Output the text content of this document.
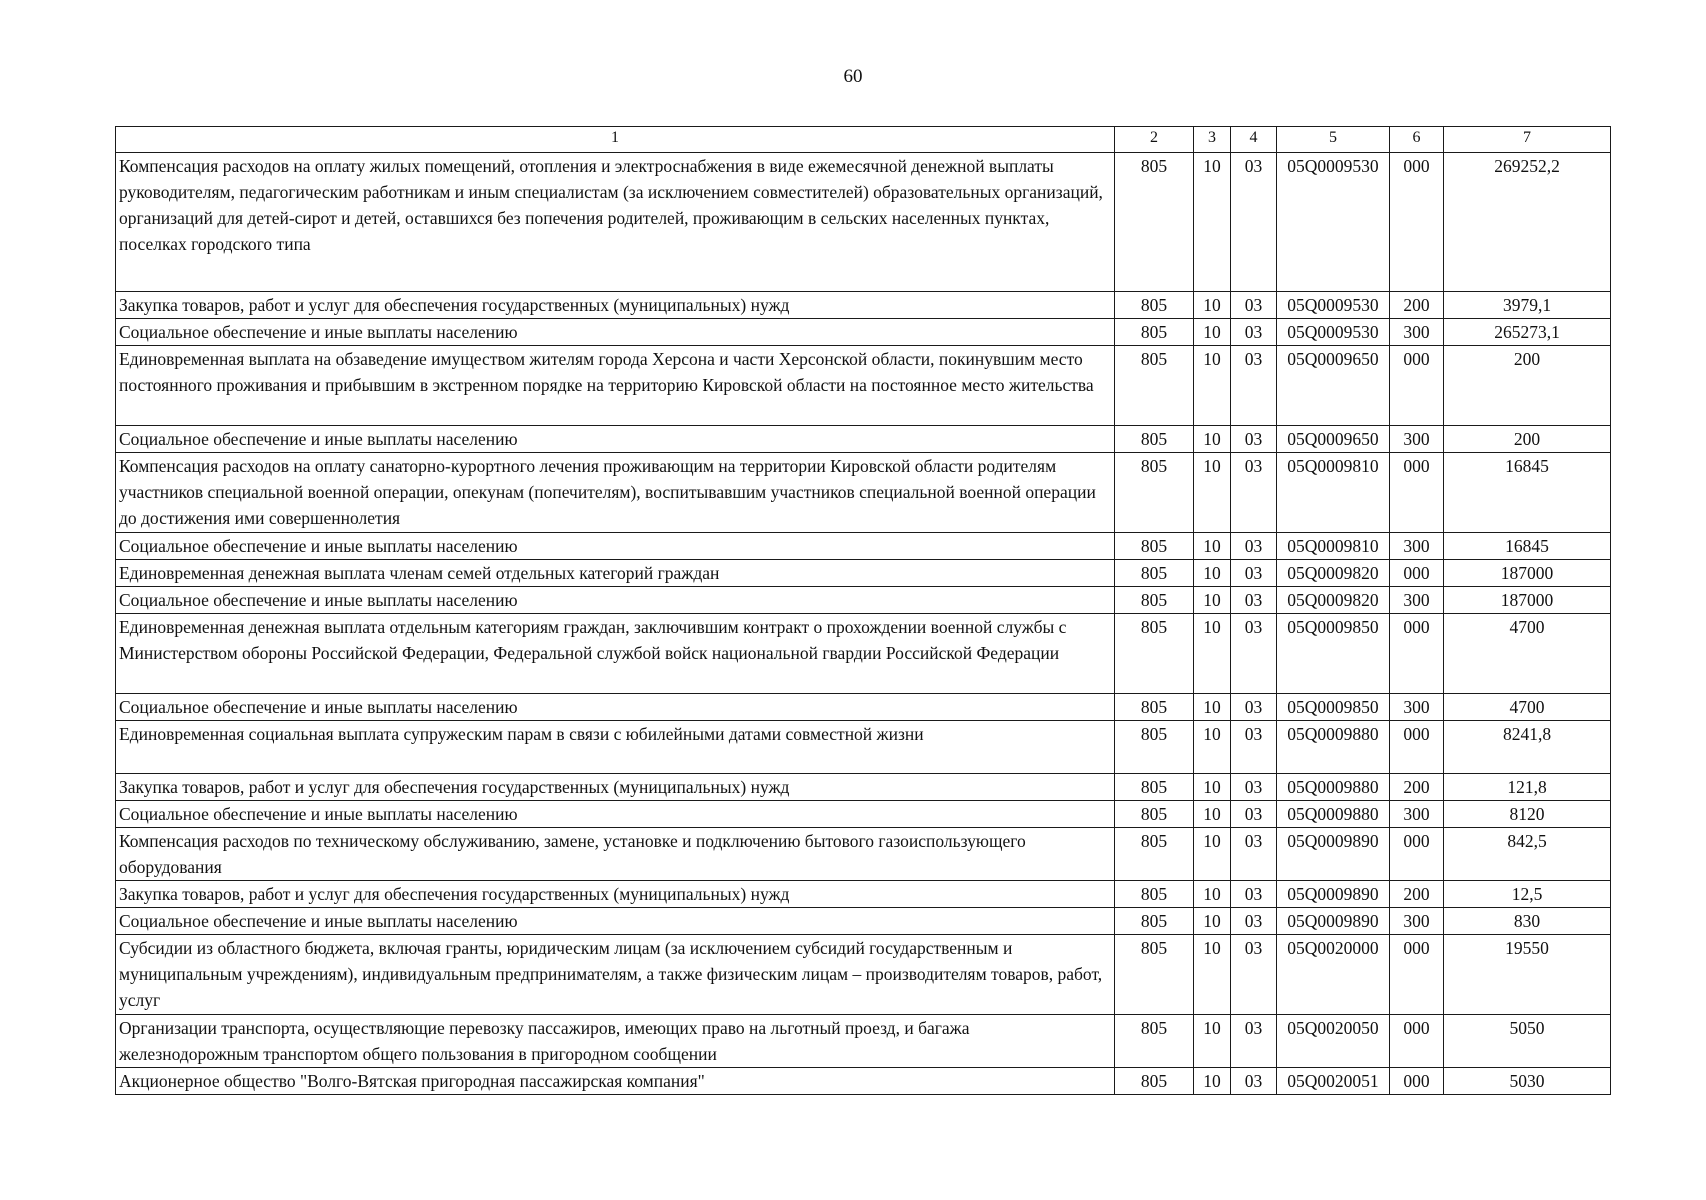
60
1	2	3	4	5	6	7
Компенсация расходов на оплату жилых помещений, отопления и электроснабжения в виде ежемесячной денежной выплаты руководителям, педагогическим работникам и иным специалистам (за исключением совместителей) образовательных организаций, организаций для детей-сирот и детей, оставшихся без попечения родителей, проживающим в сельских населенных пунктах, поселках городского типа	805	10	03	05Q0009530	000	269252,2
Закупка товаров, работ и услуг для обеспечения государственных (муниципальных) нужд	805	10	03	05Q0009530	200	3979,1
Социальное обеспечение и иные выплаты населению	805	10	03	05Q0009530	300	265273,1
Единовременная выплата на обзаведение имуществом жителям города Херсона и части Херсонской области, покинувшим место постоянного проживания и прибывшим в экстренном порядке на территорию Кировской области на постоянное место жительства	805	10	03	05Q0009650	000	200
Социальное обеспечение и иные выплаты населению	805	10	03	05Q0009650	300	200
Компенсация расходов на оплату санаторно-курортного лечения проживающим на территории Кировской области родителям участников специальной военной операции, опекунам (попечителям), воспитывавшим участников специальной военной операции до достижения ими совершеннолетия	805	10	03	05Q0009810	000	16845
Социальное обеспечение и иные выплаты населению	805	10	03	05Q0009810	300	16845
Единовременная денежная выплата членам семей отдельных категорий граждан	805	10	03	05Q0009820	000	187000
Социальное обеспечение и иные выплаты населению	805	10	03	05Q0009820	300	187000
Единовременная денежная выплата отдельным категориям граждан, заключившим контракт о прохождении военной службы с Министерством обороны Российской Федерации, Федеральной службой войск национальной гвардии Российской Федерации	805	10	03	05Q0009850	000	4700
Социальное обеспечение и иные выплаты населению	805	10	03	05Q0009850	300	4700
Единовременная социальная выплата супружеским парам в связи с юбилейными датами совместной жизни	805	10	03	05Q0009880	000	8241,8
Закупка товаров, работ и услуг для обеспечения государственных (муниципальных) нужд	805	10	03	05Q0009880	200	121,8
Социальное обеспечение и иные выплаты населению	805	10	03	05Q0009880	300	8120
Компенсация расходов по техническому обслуживанию, замене, установке и подключению бытового газоиспользующего оборудования	805	10	03	05Q0009890	000	842,5
Закупка товаров, работ и услуг для обеспечения государственных (муниципальных) нужд	805	10	03	05Q0009890	200	12,5
Социальное обеспечение и иные выплаты населению	805	10	03	05Q0009890	300	830
Субсидии из областного бюджета, включая гранты, юридическим лицам (за исключением субсидий государственным и муниципальным учреждениям), индивидуальным предпринимателям, а также физическим лицам – производителям товаров, работ, услуг	805	10	03	05Q0020000	000	19550
Организации транспорта, осуществляющие перевозку пассажиров, имеющих право на льготный проезд, и багажа железнодорожным транспортом общего пользования в пригородном сообщении	805	10	03	05Q0020050	000	5050
Акционерное общество "Волго-Вятская пригородная пассажирская компания"	805	10	03	05Q0020051	000	5030
